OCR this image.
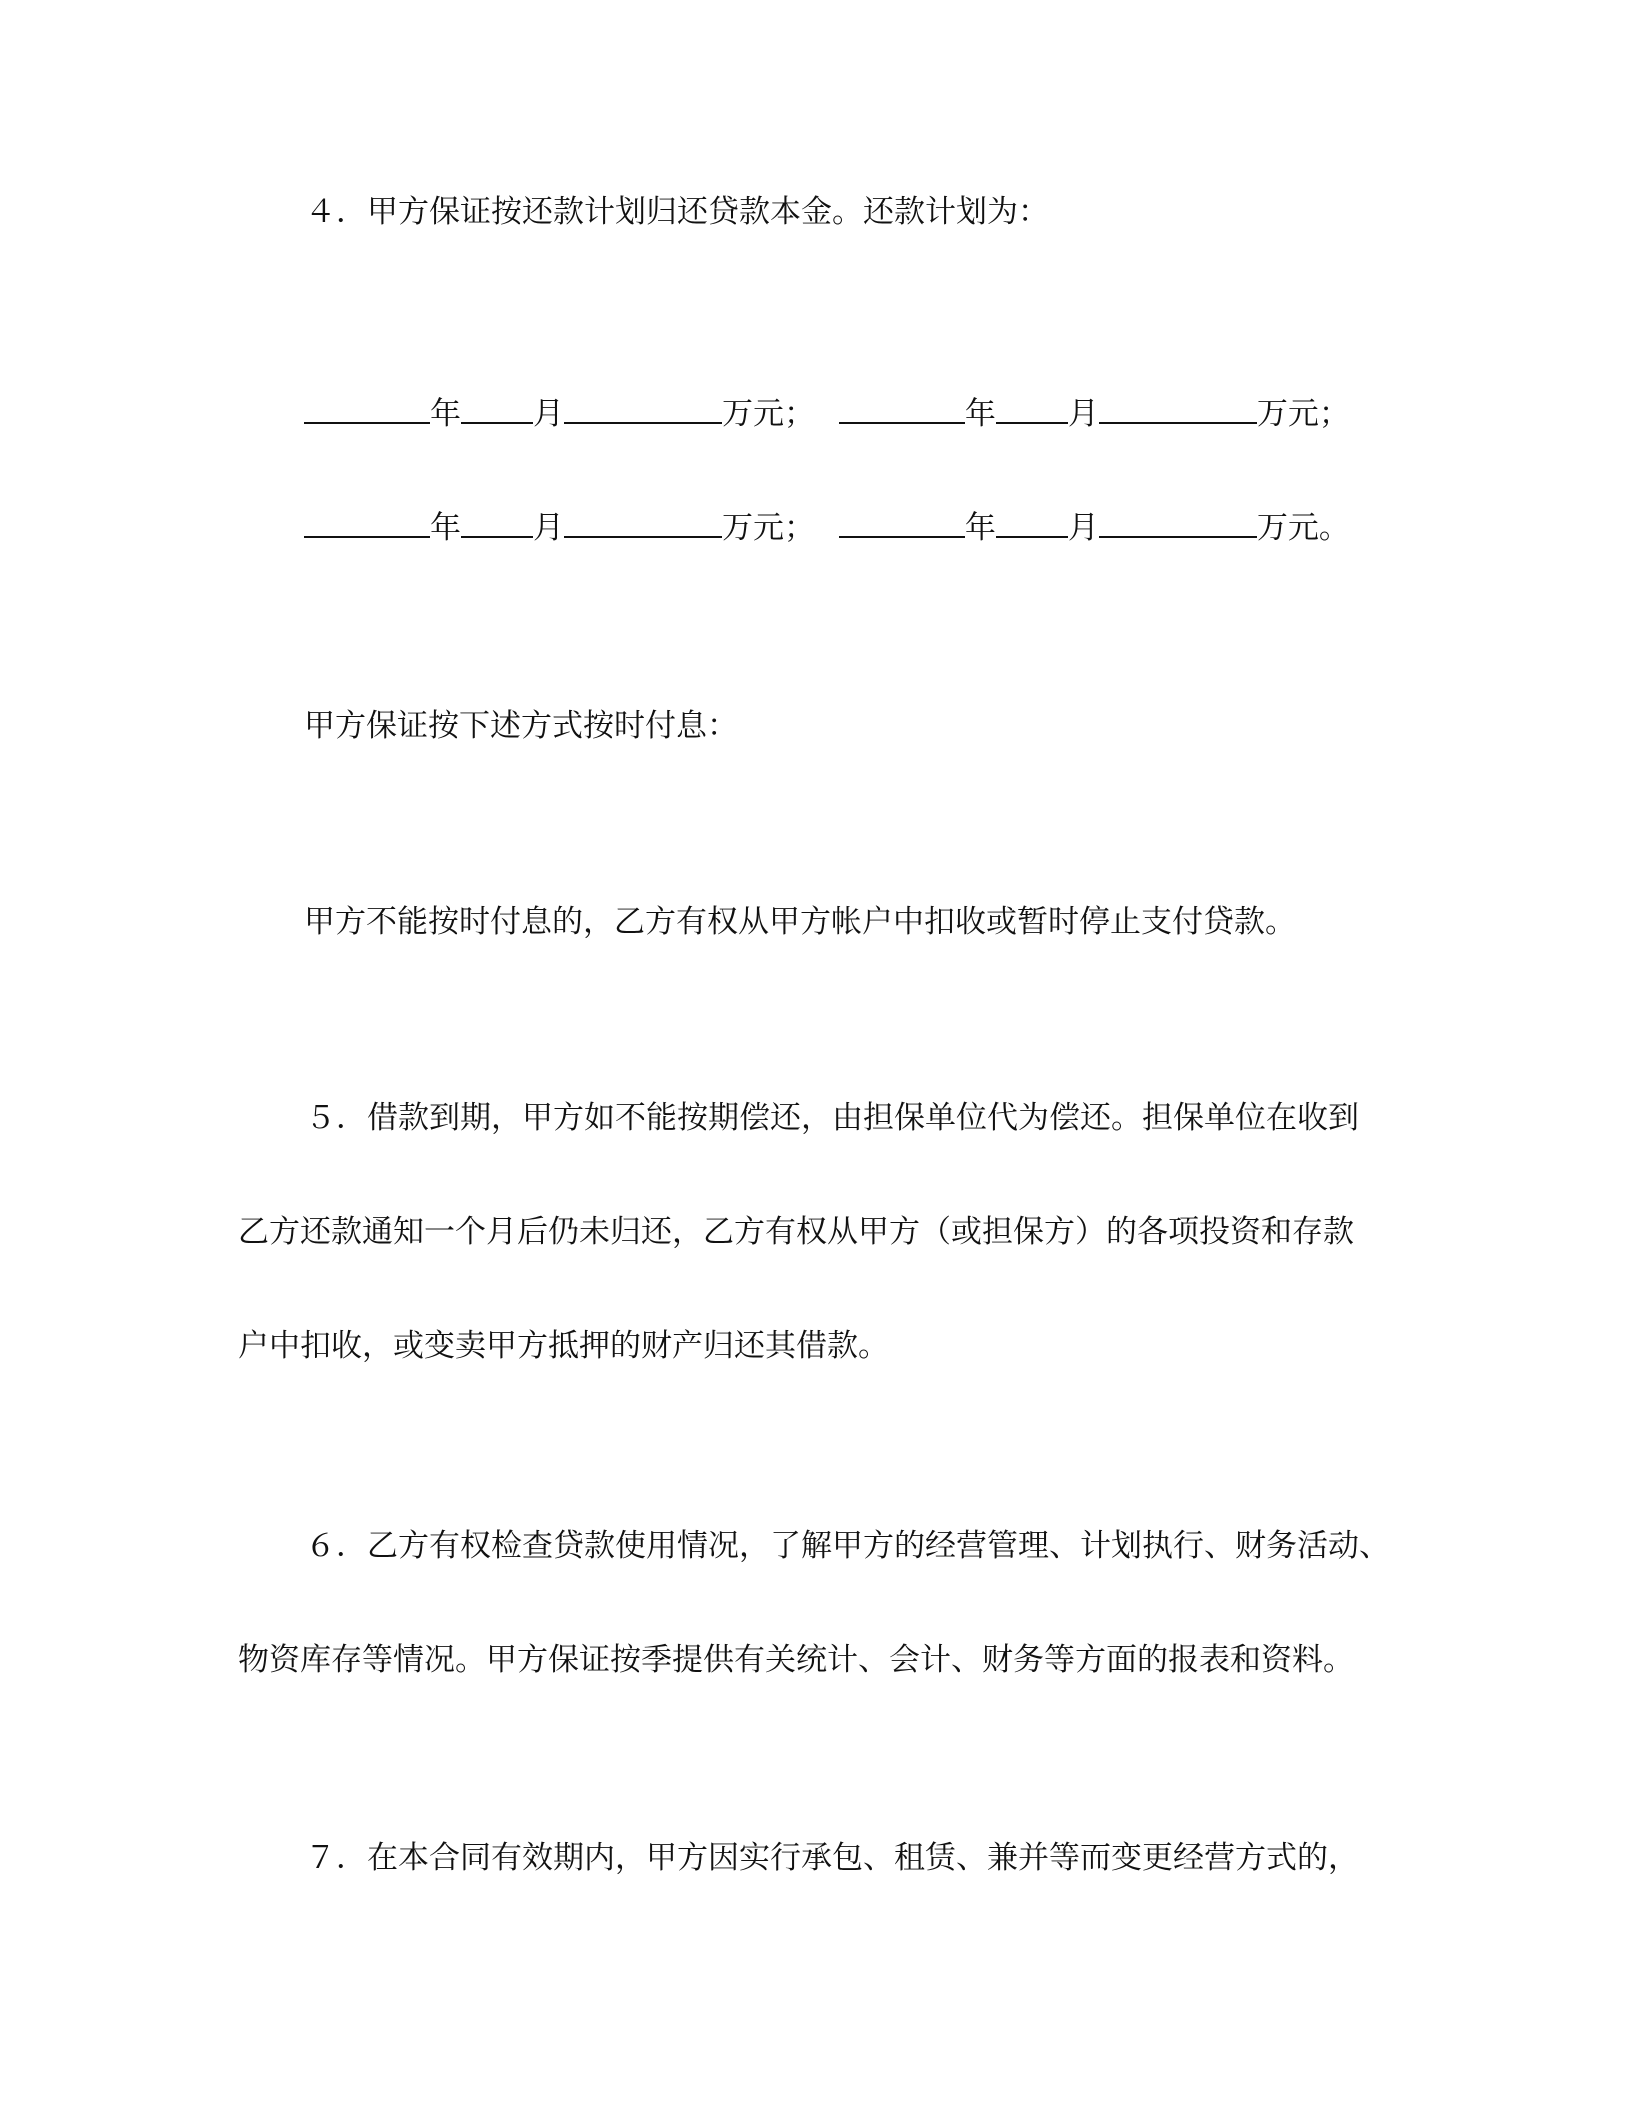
４．甲方保证按还款计划归还贷款本金。还款计划为：
年 月	万元；	年 月	万元；
年 月	万元；	年 月	万元。
甲方保证按下述方式按时付息：
甲方不能按时付息的，乙方有权从甲方帐户中扣收或暂时停止支付贷款。
５．借款到期，甲方如不能按期偿还，由担保单位代为偿还。担保单位在收到
乙方还款通知一个月后仍未归还，乙方有权从甲方（或担保方）的各项投资和存款
户中扣收，或变卖甲方抵押的财产归还其借款。
６．乙方有权检查贷款使用情况，了解甲方的经营管理、计划执行、财务活动、
物资库存等情况。甲方保证按季提供有关统计、会计、财务等方面的报表和资料。
７．在本合同有效期内，甲方因实行承包、租赁、兼并等而变更经营方式的，
